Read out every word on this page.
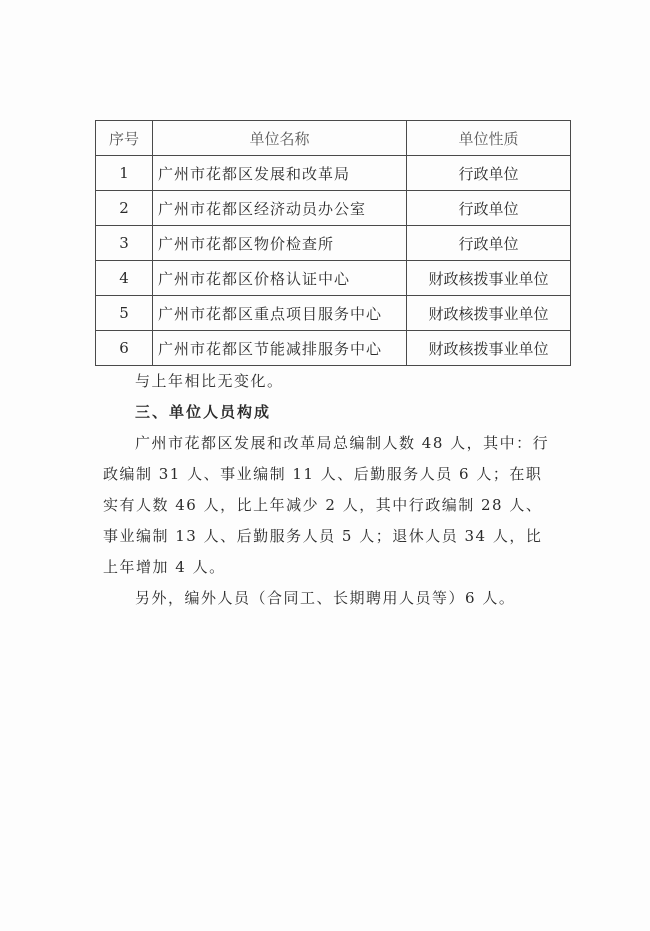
序号	单位名称	单位性质
1	广州市花都区发展和改革局	行政单位
2	广州市花都区经济动员办公室	行政单位
3	广州市花都区物价检查所	行政单位
4	广州市花都区价格认证中心	财政核拨事业单位
5	广州市花都区重点项目服务中心	财政核拨事业单位
6	广州市花都区节能减排服务中心	财政核拨事业单位

与上年相比无变化。

三、单位人员构成

广州市花都区发展和改革局总编制人数 48 人，其中：行政编制 31 人、事业编制 11 人、后勤服务人员 6 人；在职实有人数 46 人，比上年减少 2 人，其中行政编制 28 人、事业编制 13 人、后勤服务人员 5 人；退休人员 34 人，比上年增加 4 人。

另外，编外人员（合同工、长期聘用人员等）6 人。
